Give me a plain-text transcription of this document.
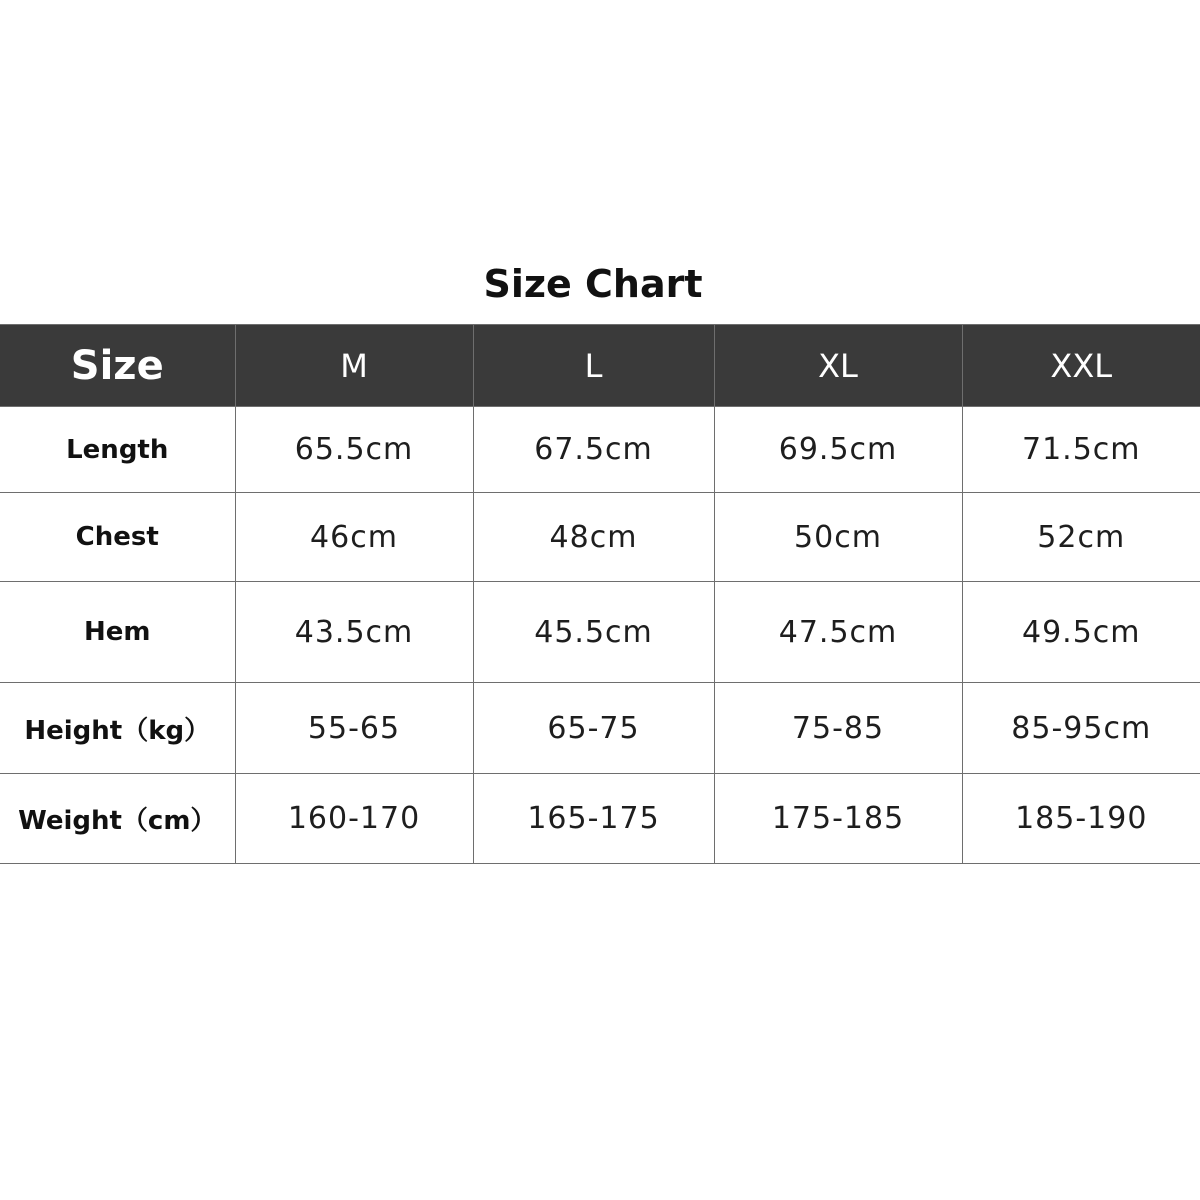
Size Chart
Size	M	L	XL	XXL
Length	65.5cm	67.5cm	69.5cm	71.5cm
Chest	46cm	48cm	50cm	52cm
Hem	43.5cm	45.5cm	47.5cm	49.5cm
Height（kg）	55-65	65-75	75-85	85-95cm
Weight（cm）	160-170	165-175	175-185	185-190
